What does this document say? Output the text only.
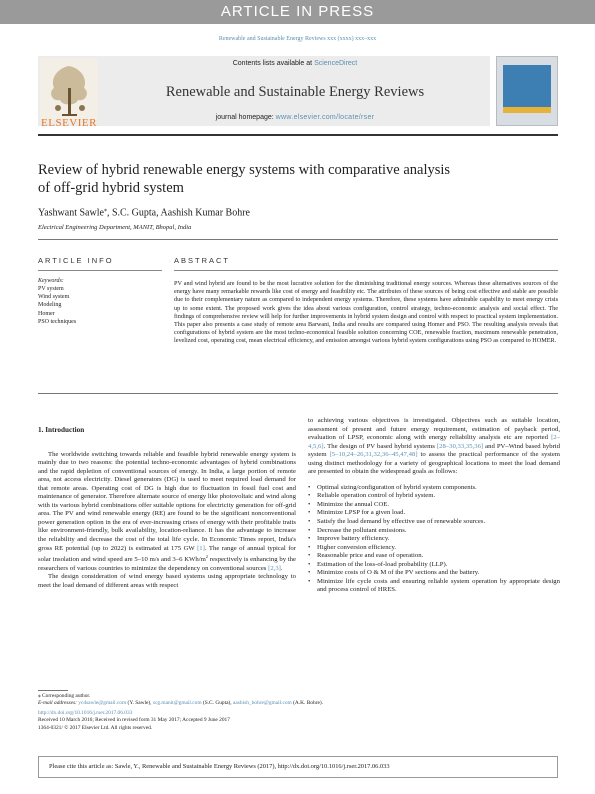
ARTICLE IN PRESS
Renewable and Sustainable Energy Reviews xxx (xxxx) xxx–xxx
ELSEVIER
Contents lists available at ScienceDirect
Renewable and Sustainable Energy Reviews
journal homepage: www.elsevier.com/locate/rser
Review of hybrid renewable energy systems with comparative analysis
of off-grid hybrid system
Yashwant Sawle⁎, S.C. Gupta, Aashish Kumar Bohre
Electrical Engineering Department, MANIT, Bhopal, India
ARTICLE INFO
Keywords:
PV system
Wind system
Modeling
Homer
PSO techniques
ABSTRACT
PV and wind hybrid are found to be the most lucrative solution for the diminishing traditional energy sources. Whereas these alternatives sources of the energy have many remarkable rewards like cost of energy and feasibility etc. The attributes of these sources of being cost effective and stable are possible due to their complementary nature as compared to independent energy systems. Therefore, these systems have admirable capability to meet energy crisis up to some extent. The proposed work gives the idea about various configuration, control strategy, techno-economic analysis and social effect. The findings of comprehensive review will help for further improvements in hybrid system design and control with respect to practical system implementation. This paper also presents a case study of remote area Barwani, India and results are compared using Homer and PSO. The resulting analysis reveals that configurations of hybrid system are the most techno-economical feasible solution concerning COE, renewable fraction, maximum renewable penetration, levelized cost, operating cost, mean electrical efficiency, and emission amongst various hybrid system configurations using PSO as compared to HOMER.
1. Introduction

The worldwide switching towards reliable and feasible hybrid renewable energy system is mainly due to two reasons: the potential techno-economic advantages of hybrid combinations and the rapid depletion of conventional sources of energy. In India, a large portion of remote area, not access electricity. Diesel generators (DG) is used to meet required load demand for that remote areas. Operating cost of DG is high due to fluctuation in fossil fuel cost and maintenance of generator. Therefore alternate source of energy like photovoltaic and wind along with its various hybrid combinations offer suitable options for electricity generation for off-grid area. The PV and wind renewable energy (RE) are found to be the significant nonconventional power generation option in the era of ever-increasing crises of energy with their profitable traits like environment-friendly, bulk availability, location-reliance. It has the advantage to increase the reliability and decrease the cost of the total life cycle. In Economic Times report, India's gross RE potential (up to 2022) is estimated at 175 GW [1]. The range of annual typical for solar insolation and wind speed are 5–10 m/s and 3–6 KWh/$m^2$ respectively is enhancing by the researchers of various countries to minimize the dependency on conventional sources [2,3].

The design consideration of wind energy based systems using appropriate technology to meet the load demand of different areas with respect

to achieving various objectives is investigated. Objectives such as suitable location, assessment of present and future energy requirement, estimation of payback period, evaluation of LPSP, economic along with energy reliability analysis etc are reported [2–4,5,6]. The design of PV based hybrid systems [28–30,33,35,36] and PV–Wind based hybrid system [5–10,24–26,31,32,36–45,47,48] to assess the practical performance of the system using distinct methodology for a variety of geographical locations to meet the load demand are presented to obtain the widespread goals as follows:
• Optimal sizing/configuration of hybrid system components.
• Reliable operation control of hybrid system.
• Minimize the annual COE.
• Minimize LPSP for a given load.
• Satisfy the load demand by effective use of renewable sources.
• Decrease the pollutant emissions.
• Improve battery efficiency.
• Higher conversion efficiency.
• Reasonable price and ease of operation.
• Estimation of the loss-of-load probability (LLP).
• Minimize costs of O & M of the PV sections and the battery.
• Minimize life cycle costs and ensuring reliable system operation by appropriate design and process control of HRES.
⁎ Corresponding author.
E-mail addresses: ycdsawle@gmail.com (Y. Sawle), scg.manit@gmail.com (S.C. Gupta), aashish_bohre@gmail.com (A.K. Bohre).
http://dx.doi.org/10.1016/j.rser.2017.06.033
Received 10 March 2016; Received in revised form 31 May 2017; Accepted 9 June 2017
1364-0321/ © 2017 Elsevier Ltd. All rights reserved.
Please cite this article as: Sawle, Y., Renewable and Sustainable Energy Reviews (2017), http://dx.doi.org/10.1016/j.rser.2017.06.033
